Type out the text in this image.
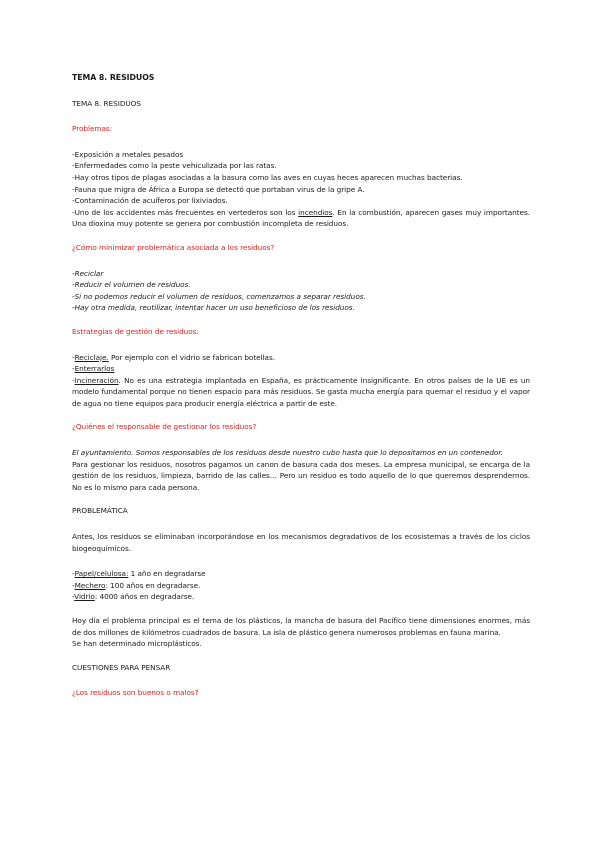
TEMA 8. RESIDUOS

TEMA 8. RESIDUOS

Problemas:

-Exposición a metales pesados

-Enfermedades como la peste vehiculizada por las ratas.

-Hay otros tipos de plagas asociadas a la basura como las aves en cuyas heces aparecen muchas bacterias.

-Fauna que migra de África a Europa se detectó que portaban virus de la gripe A.

-Contaminación de acuíferos por lixiviados.

-Uno de los accidentes más frecuentes en vertederos son los incendios. En la combustión, aparecen gases muy importantes. Una dioxina muy potente se genera por combustión incompleta de residuos.

¿Cómo minimizar problemática asociada a los residuos?

-Reciclar

-Reducir el volumen de residuos.

-Si no podemos reducir el volumen de residuos, comenzamos a separar residuos.

-Hay otra medida, reutilizar, intentar hacer un uso beneficioso de los residuos.

Estrategias de gestión de residuos:

-Reciclaje. Por ejemplo con el vidrio se fabrican botellas.

-Enterrarlos

-Incineración. No es una estrategia implantada en España, es prácticamente insignificante. En otros países de la UE es un modelo fundamental porque no tienen espacio para más residuos. Se gasta mucha energía para quemar el residuo y el vapor de agua no tiene equipos para producir energía eléctrica a partir de este.

¿Quiénes el responsable de gestionar los residuos?

El ayuntamiento. Somos responsables de los residuos desde nuestro cubo hasta que lo depositamos en un contenedor.

Para gestionar los residuos, nosotros pagamos un canon de basura cada dos meses. La empresa municipal, se encarga de la gestión de los residuos, limpieza, barrido de las calles… Pero un residuo es todo aquello de lo que queremos desprendernos. No es lo mismo para cada persona.

PROBLEMÁTICA

Antes, los residuos se eliminaban incorporándose en los mecanismos degradativos de los ecosistemas a través de los ciclos biogeoquímicos.

-Papel/celulosa: 1 año en degradarse

-Mechero: 100 años en degradarse.

-Vidrio: 4000 años en degradarse.

Hoy día el problema principal es el tema de los plásticos, la mancha de basura del Pacífico tiene dimensiones enormes, más de dos millones de kilómetros cuadrados de basura. La isla de plástico genera numerosos problemas en fauna marina.

Se han determinado microplásticos.

CUESTIONES PARA PENSAR

¿Los residuos son buenos o malos?
